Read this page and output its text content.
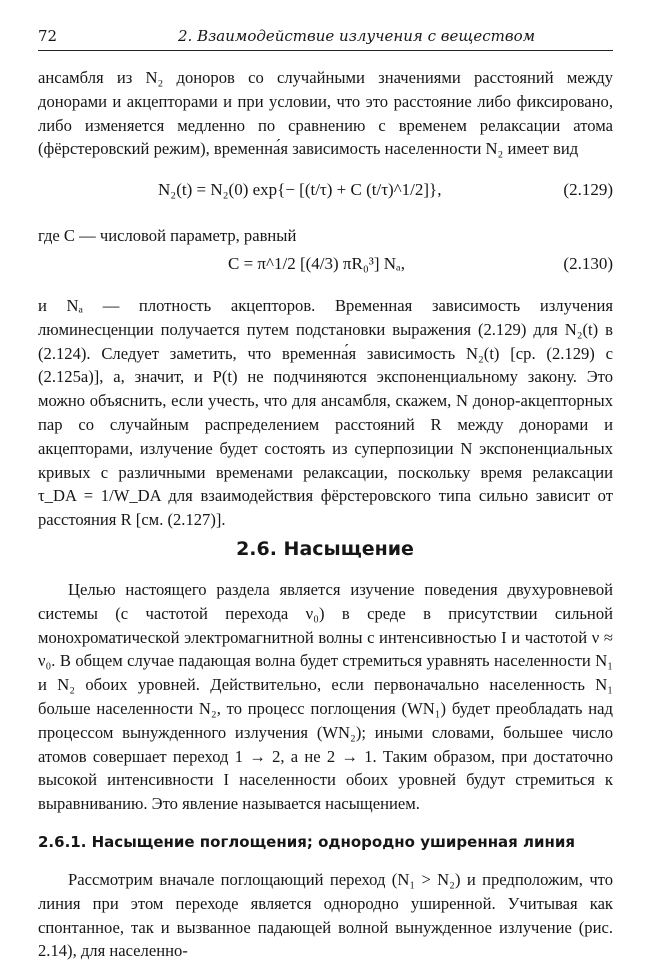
72	2. Взаимодействие излучения с веществом

ансамбля из N₂ доноров со случайными значениями расстояний между донорами и акцепторами и при условии, что это расстояние либо фиксировано, либо изменяется медленно по сравнению с временем релаксации атома (фёрстеровский режим), временна́я зависимость населенности N₂ имеет вид

N₂(t) = N₂(0) exp{− [(t/τ) + C (t/τ)^1/2]},	(2.129)

где C — числовой параметр, равный

C = π^1/2 [(4/3) πR₀³] Nₐ,	(2.130)

и Nₐ — плотность акцепторов. Временная зависимость излучения люминесценции получается путем подстановки выражения (2.129) для N₂(t) в (2.124). Следует заметить, что временна́я зависимость N₂(t) [ср. (2.129) с (2.125а)], а, значит, и P(t) не подчиняются экспоненциальному закону. Это можно объяснить, если учесть, что для ансамбля, скажем, N донор-акцепторных пар со случайным распределением расстояний R между донорами и акцепторами, излучение будет состоять из суперпозиции N экспоненциальных кривых с различными временами релаксации, поскольку время релаксации τ_DA = 1/W_DA для взаимодействия фёрстеровского типа сильно зависит от расстояния R [см. (2.127)].

2.6. Насыщение

Целью настоящего раздела является изучение поведения двухуровневой системы (с частотой перехода ν₀) в среде в присутствии сильной монохроматической электромагнитной волны с интенсивностью I и частотой ν ≈ ν₀. В общем случае падающая волна будет стремиться уравнять населенности N₁ и N₂ обоих уровней. Действительно, если первоначально населенность N₁ больше населенности N₂, то процесс поглощения (WN₁) будет преобладать над процессом вынужденного излучения (WN₂); иными словами, большее число атомов совершает переход 1 → 2, а не 2 → 1. Таким образом, при достаточно высокой интенсивности I населенности обоих уровней будут стремиться к выравниванию. Это явление называется насыщением.

2.6.1. Насыщение поглощения; однородно уширенная линия

Рассмотрим вначале поглощающий переход (N₁ > N₂) и предположим, что линия при этом переходе является однородно уширенной. Учитывая как спонтанное, так и вызванное падающей волной вынужденное излучение (рис. 2.14), для населенно-
